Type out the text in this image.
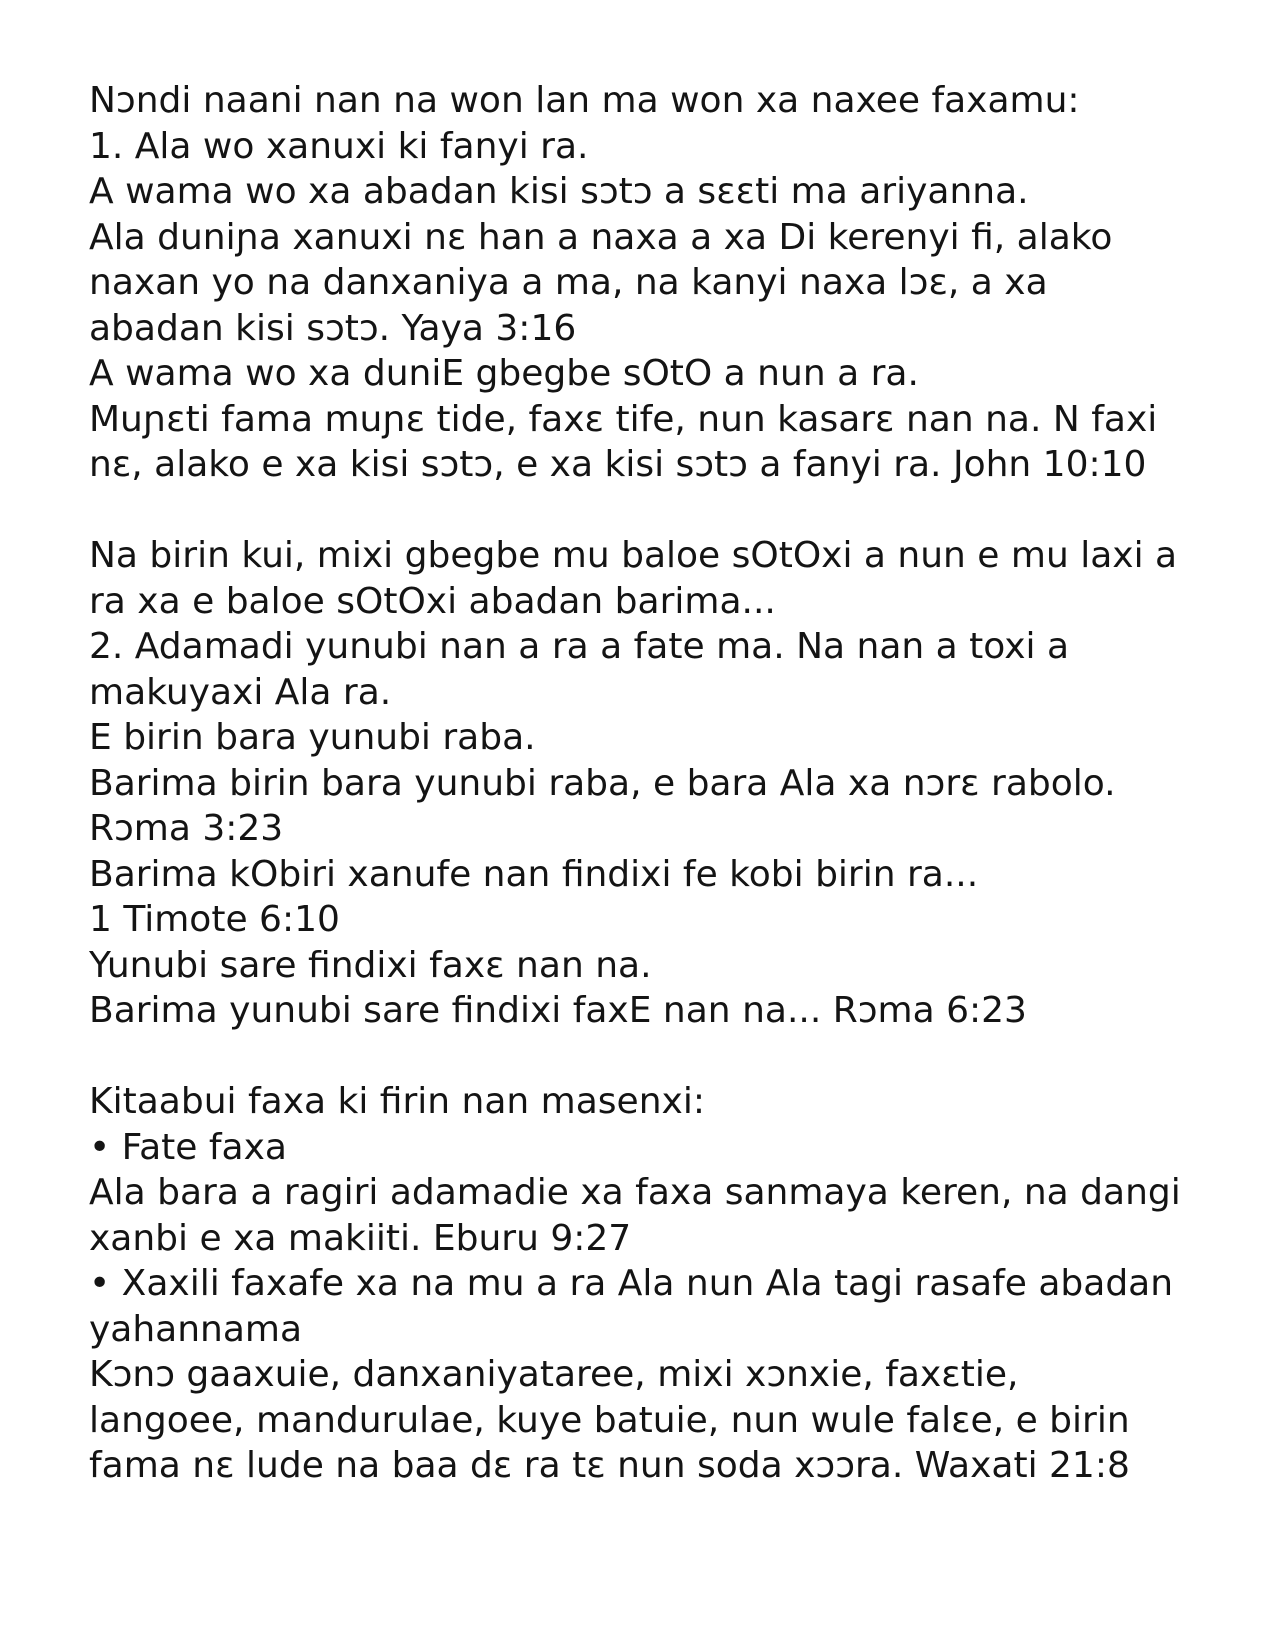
Nɔndi naani nan na won lan ma won xa naxee faxamu:
1. Ala wo xanuxi ki fanyi ra.
A wama wo xa abadan kisi sɔtɔ a sɛɛti ma ariyanna.
Ala duniɲa xanuxi nɛ han a naxa a xa Di kerenyi fi, alako
naxan yo na danxaniya a ma, na kanyi naxa lɔɛ, a xa
abadan kisi sɔtɔ. Yaya 3:16
A wama wo xa duniE gbegbe sOtO a nun a ra.
Muɲɛti fama muɲɛ tide, faxɛ tife, nun kasarɛ nan na. N faxi
nɛ, alako e xa kisi sɔtɔ, e xa kisi sɔtɔ a fanyi ra. John 10:10
Na birin kui, mixi gbegbe mu baloe sOtOxi a nun e mu laxi a
ra xa e baloe sOtOxi abadan barima...
2. Adamadi yunubi nan a ra a fate ma. Na nan a toxi a
makuyaxi Ala ra.
E birin bara yunubi raba.
Barima birin bara yunubi raba, e bara Ala xa nɔrɛ rabolo.
Rɔma 3:23
Barima kObiri xanufe nan findixi fe kobi birin ra...
1 Timote 6:10
Yunubi sare findixi faxɛ nan na.
Barima yunubi sare findixi faxE nan na... Rɔma 6:23
Kitaabui faxa ki firin nan masenxi:
• Fate faxa
Ala bara a ragiri adamadie xa faxa sanmaya keren, na dangi
xanbi e xa makiiti. Eburu 9:27
• Xaxili faxafe xa na mu a ra Ala nun Ala tagi rasafe abadan
yahannama
Kɔnɔ gaaxuie, danxaniyataree, mixi xɔnxie, faxɛtie,
langoee, mandurulae, kuye batuie, nun wule falɛe, e birin
fama nɛ lude na baa dɛ ra tɛ nun soda xɔɔra. Waxati 21:8
